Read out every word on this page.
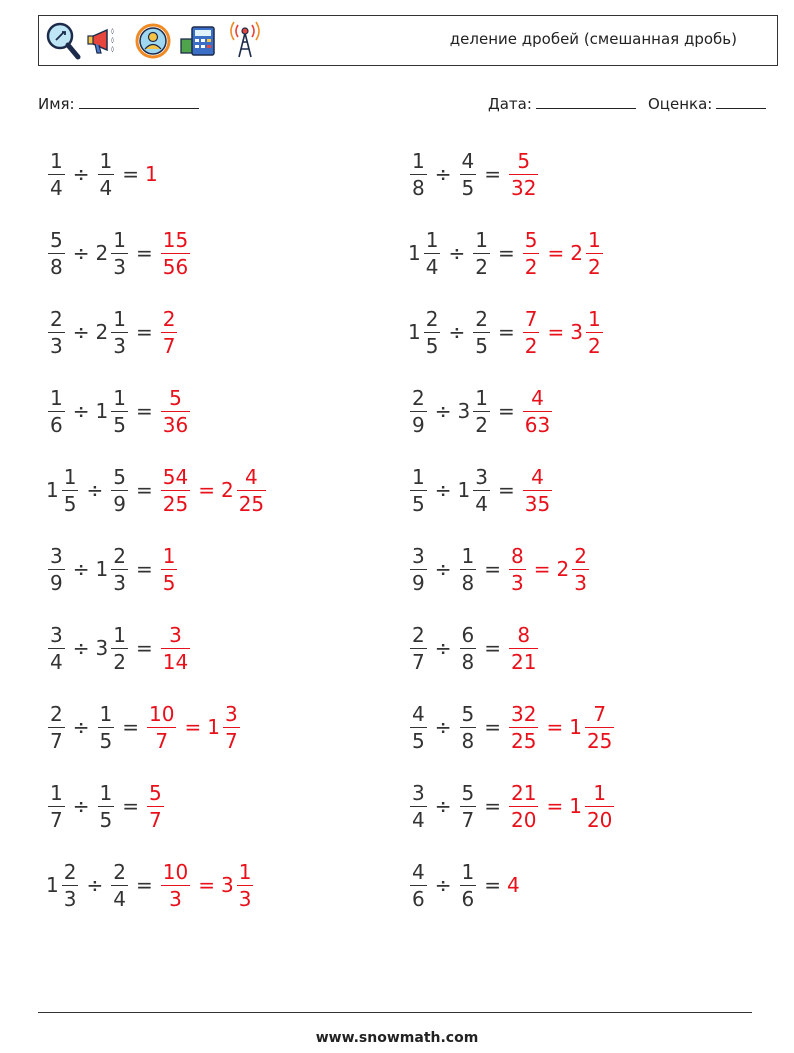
◊
◊
◊
деление дробей (смешанная дробь)
Имя:	Дата:	Оценка:
$\frac{1}{4} \div \frac{1}{4} = 1$	$\frac{1}{8} \div \frac{4}{5} = \frac{5}{32}$
$\frac{5}{8} \div 2 \frac{1}{3} = \frac{15}{56}$	$1 \frac{1}{4} \div \frac{1}{2} = \frac{5}{2} = 2 \frac{1}{2}$
$\frac{2}{3} \div 2 \frac{1}{3} = \frac{2}{7}$	$1 \frac{2}{5} \div \frac{2}{5} = \frac{7}{2} = 3 \frac{1}{2}$
$\frac{1}{6} \div 1 \frac{1}{5} = \frac{5}{36}$	$\frac{2}{9} \div 3 \frac{1}{2} = \frac{4}{63}$
$1 \frac{1}{5} \div \frac{5}{9} = \frac{54}{25} = 2 \frac{4}{25}$	$\frac{1}{5} \div 1 \frac{3}{4} = \frac{4}{35}$
$\frac{3}{9} \div 1 \frac{2}{3} = \frac{1}{5}$	$\frac{3}{9} \div \frac{1}{8} = \frac{8}{3} = 2 \frac{2}{3}$
$\frac{3}{4} \div 3 \frac{1}{2} = \frac{3}{14}$	$\frac{2}{7} \div \frac{6}{8} = \frac{8}{21}$
$\frac{2}{7} \div \frac{1}{5} = \frac{10}{7} = 1 \frac{3}{7}$	$\frac{4}{5} \div \frac{5}{8} = \frac{32}{25} = 1 \frac{7}{25}$
$\frac{1}{7} \div \frac{1}{5} = \frac{5}{7}$	$\frac{3}{4} \div \frac{5}{7} = \frac{21}{20} = 1 \frac{1}{20}$
$1 \frac{2}{3} \div \frac{2}{4} = \frac{10}{3} = 3 \frac{1}{3}$	$\frac{4}{6} \div \frac{1}{6} = 4$
www.snowmath.com
